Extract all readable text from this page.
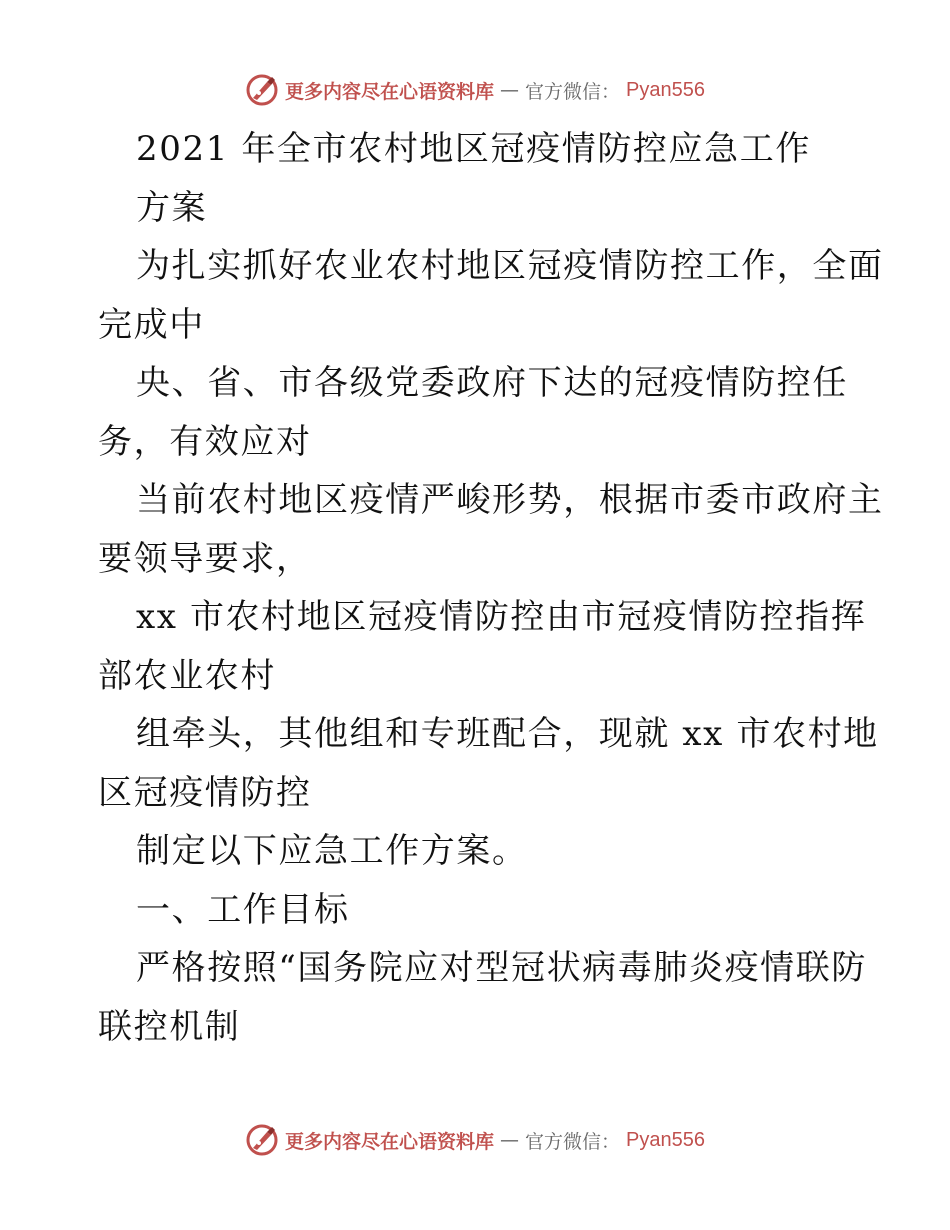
更多内容尽在心语资料库 — 官方微信： Pyan556
2021 年全市农村地区冠疫情防控应急工作
方案
为扎实抓好农业农村地区冠疫情防控工作，全面
完成中
央、省、市各级党委政府下达的冠疫情防控任
务，有效应对
当前农村地区疫情严峻形势，根据市委市政府主
要领导要求，
xx 市农村地区冠疫情防控由市冠疫情防控指挥
部农业农村
组牵头，其他组和专班配合，现就 xx 市农村地
区冠疫情防控
制定以下应急工作方案。
一、工作目标
严格按照“国务院应对型冠状病毒肺炎疫情联防
联控机制
更多内容尽在心语资料库 — 官方微信： Pyan556
